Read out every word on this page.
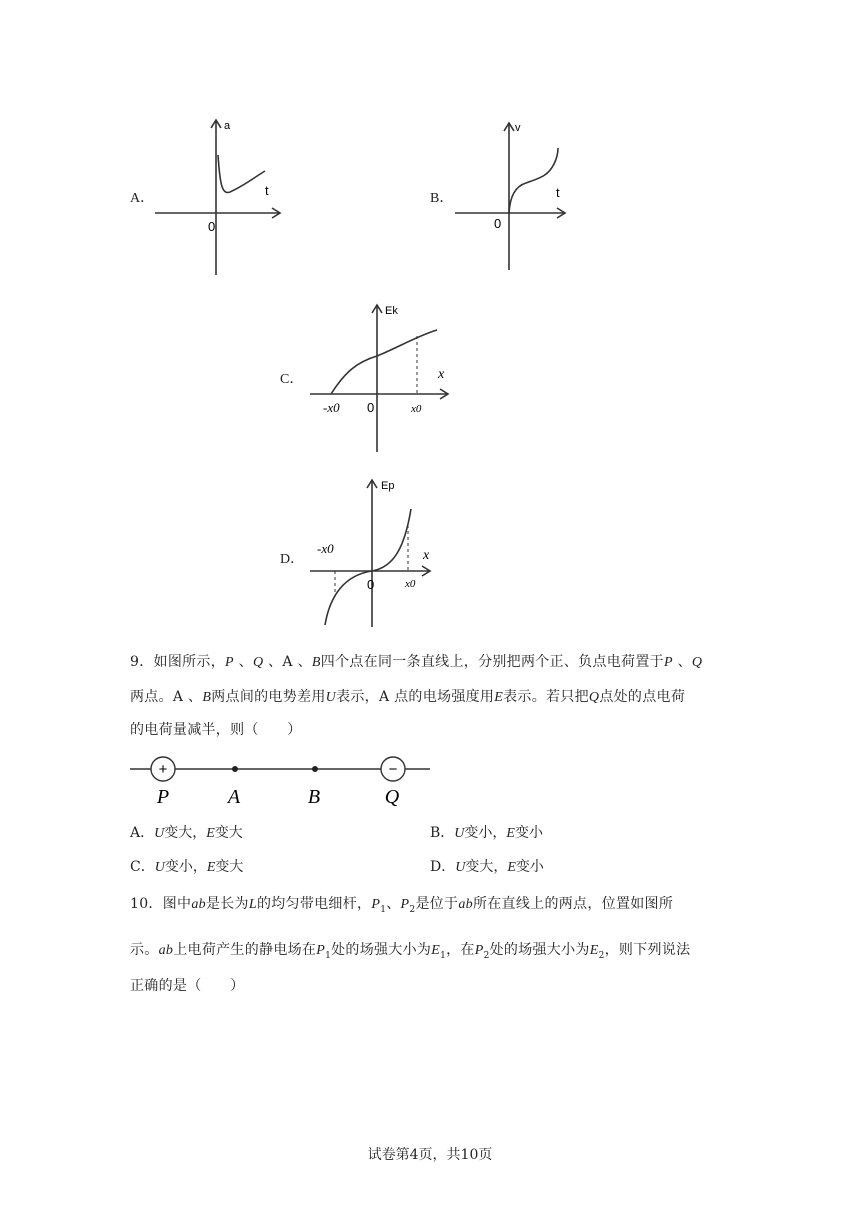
A．
a
t
0
B．
v
t
0
C．
Ek
x
0
-x0	x0
D．
Ep
x
0
-x0
x0
9．如图所示，P 、Q 、A 、B四个点在同一条直线上，分别把两个正、负点电荷置于P 、Q
两点。A 、B两点间的电势差用U表示，A 点的电场强度用E表示。若只把Q点处的点电荷
的电荷量减半，则（　　）
+	−
P	A	B	Q
A．U变大，E变大	B．U变小，E变小
C．U变小，E变大	D．U变大，E变小
10．图中ab是长为L的均匀带电细杆，$P_1$、$P_2$是位于ab所在直线上的两点，位置如图所
示。ab上电荷产生的静电场在$P_1$处的场强大小为$E_1$，在$P_2$处的场强大小为$E_2$，则下列说法
正确的是（　　）
试卷第4页，共10页
